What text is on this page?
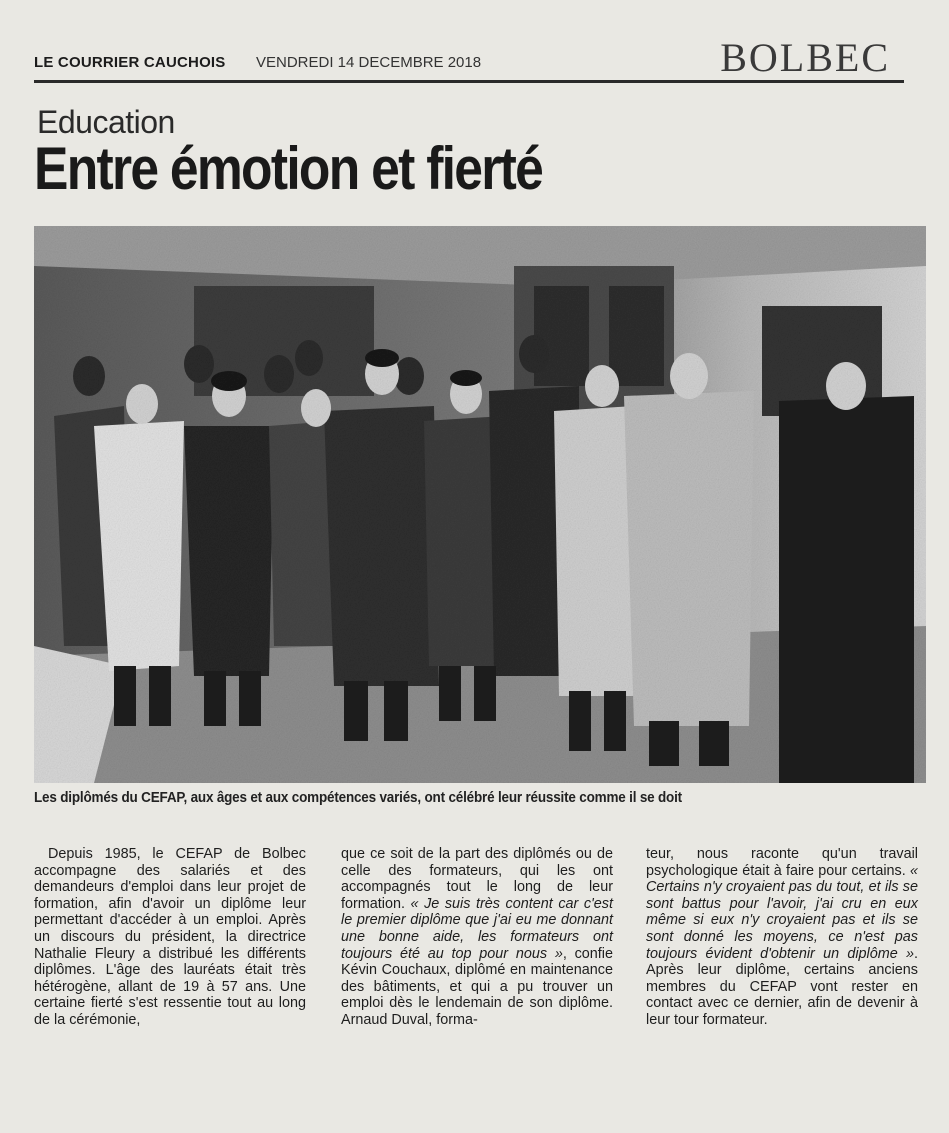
LE COURRIER CAUCHOIS VENDREDI 14 DECEMBRE 2018	BOLBEC
Education
Entre émotion et fierté
Les diplômés du CEFAP, aux âges et aux compétences variés, ont célébré leur réussite comme il se doit

Depuis 1985, le CEFAP de Bolbec accompagne des salariés et des demandeurs d'emploi dans leur projet de formation, afin d'avoir un diplôme leur permettant d'accéder à un emploi. Après un discours du président, la directrice Nathalie Fleury a distribué les différents diplômes. L'âge des lauréats était très hétérogène, allant de 19 à 57 ans. Une certaine fierté s'est ressentie tout au long de la cérémonie,

que ce soit de la part des diplômés ou de celle des formateurs, qui les ont accompagnés tout le long de leur formation. « Je suis très content car c'est le premier diplôme que j'ai eu me donnant une bonne aide, les formateurs ont toujours été au top pour nous », confie Kévin Couchaux, diplômé en maintenance des bâtiments, et qui a pu trouver un emploi dès le lendemain de son diplôme. Arnaud Duval, forma-

teur, nous raconte qu'un travail psychologique était à faire pour certains. « Certains n'y croyaient pas du tout, et ils se sont battus pour l'avoir, j'ai cru en eux même si eux n'y croyaient pas et ils se sont donné les moyens, ce n'est pas toujours évident d'obtenir un diplôme ». Après leur diplôme, certains anciens membres du CEFAP vont rester en contact avec ce dernier, afin de devenir à leur tour formateur.
